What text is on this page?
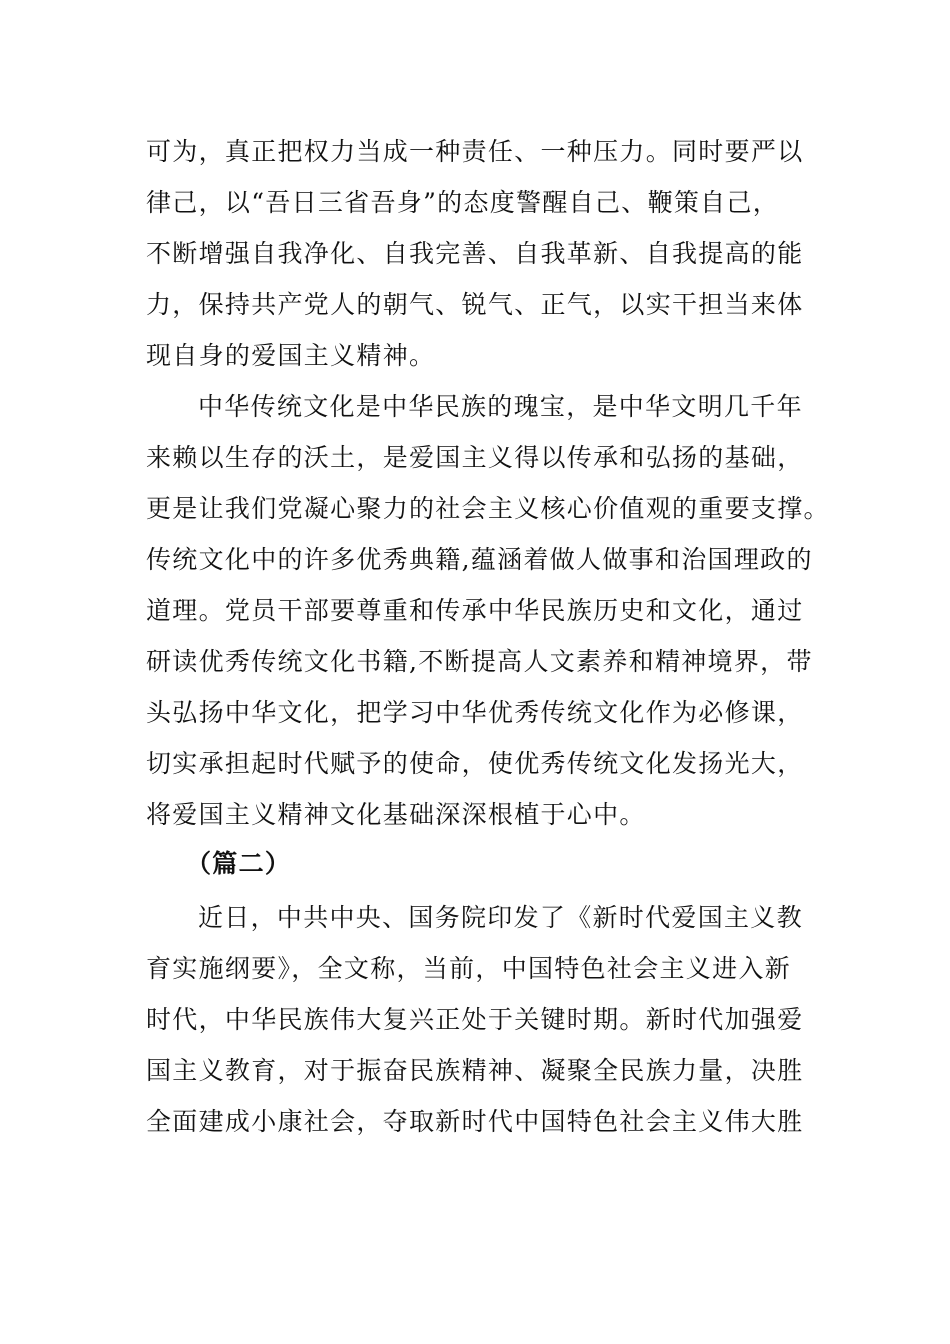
可为，真正把权力当成一种责任、一种压力。同时要严以
律己，以“吾日三省吾身”的态度警醒自己、鞭策自己，
不断增强自我净化、自我完善、自我革新、自我提高的能
力，保持共产党人的朝气、锐气、正气，以实干担当来体
现自身的爱国主义精神。
中华传统文化是中华民族的瑰宝，是中华文明几千年
来赖以生存的沃土，是爱国主义得以传承和弘扬的基础，
更是让我们党凝心聚力的社会主义核心价值观的重要支撑。
传统文化中的许多优秀典籍,蕴涵着做人做事和治国理政的
道理。党员干部要尊重和传承中华民族历史和文化，通过
研读优秀传统文化书籍,不断提高人文素养和精神境界，带
头弘扬中华文化，把学习中华优秀传统文化作为必修课，
切实承担起时代赋予的使命，使优秀传统文化发扬光大，
将爱国主义精神文化基础深深根植于心中。
（篇二）
近日，中共中央、国务院印发了《新时代爱国主义教
育实施纲要》，全文称，当前，中国特色社会主义进入新
时代，中华民族伟大复兴正处于关键时期。新时代加强爱
国主义教育，对于振奋民族精神、凝聚全民族力量，决胜
全面建成小康社会，夺取新时代中国特色社会主义伟大胜
